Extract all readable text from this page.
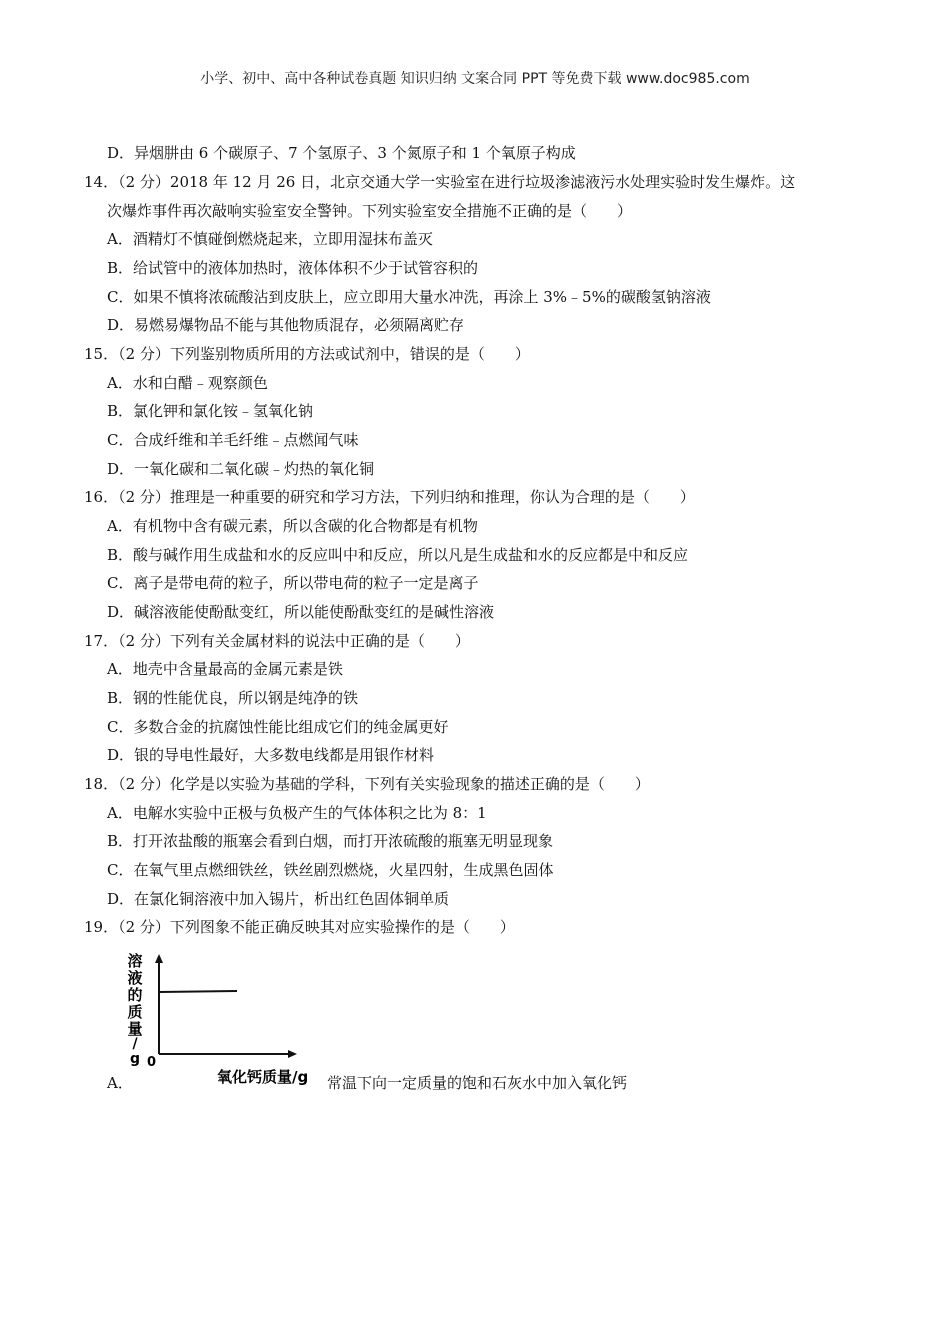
小学、初中、高中各种试卷真题 知识归纳 文案合同 PPT 等免费下载 www.doc985.com
D．异烟肼由 6 个碳原子、7 个氢原子、3 个氮原子和 1 个氧原子构成
14．（2 分）2018 年 12 月 26 日，北京交通大学一实验室在进行垃圾渗滤液污水处理实验时发生爆炸。这
次爆炸事件再次敲响实验室安全警钟。下列实验室安全措施不正确的是（　　）
A．酒精灯不慎碰倒燃烧起来，立即用湿抹布盖灭
B．给试管中的液体加热时，液体体积不少于试管容积的
C．如果不慎将浓硫酸沾到皮肤上，应立即用大量水冲洗，再涂上 3%﹣5%的碳酸氢钠溶液
D．易燃易爆物品不能与其他物质混存，必须隔离贮存
15．（2 分）下列鉴别物质所用的方法或试剂中，错误的是（　　）
A．水和白醋﹣观察颜色
B．氯化钾和氯化铵﹣氢氧化钠
C．合成纤维和羊毛纤维﹣点燃闻气味
D．一氧化碳和二氧化碳﹣灼热的氧化铜
16．（2 分）推理是一种重要的研究和学习方法，下列归纳和推理，你认为合理的是（　　）
A．有机物中含有碳元素，所以含碳的化合物都是有机物
B．酸与碱作用生成盐和水的反应叫中和反应，所以凡是生成盐和水的反应都是中和反应
C．离子是带电荷的粒子，所以带电荷的粒子一定是离子
D．碱溶液能使酚酞变红，所以能使酚酞变红的是碱性溶液
17．（2 分）下列有关金属材料的说法中正确的是（　　）
A．地壳中含量最高的金属元素是铁
B．钢的性能优良，所以钢是纯净的铁
C．多数合金的抗腐蚀性能比组成它们的纯金属更好
D．银的导电性最好，大多数电线都是用银作材料
18．（2 分）化学是以实验为基础的学科，下列有关实验现象的描述正确的是（　　）
A．电解水实验中正极与负极产生的气体体积之比为 8：1
B．打开浓盐酸的瓶塞会看到白烟，而打开浓硫酸的瓶塞无明显现象
C．在氧气里点燃细铁丝，铁丝剧烈燃烧，火星四射，生成黑色固体
D．在氯化铜溶液中加入锡片，析出红色固体铜单质
19．（2 分）下列图象不能正确反映其对应实验操作的是（　　）
溶
液
的
质
量
/
g 0
氧化钙质量/g
A．	常温下向一定质量的饱和石灰水中加入氧化钙
